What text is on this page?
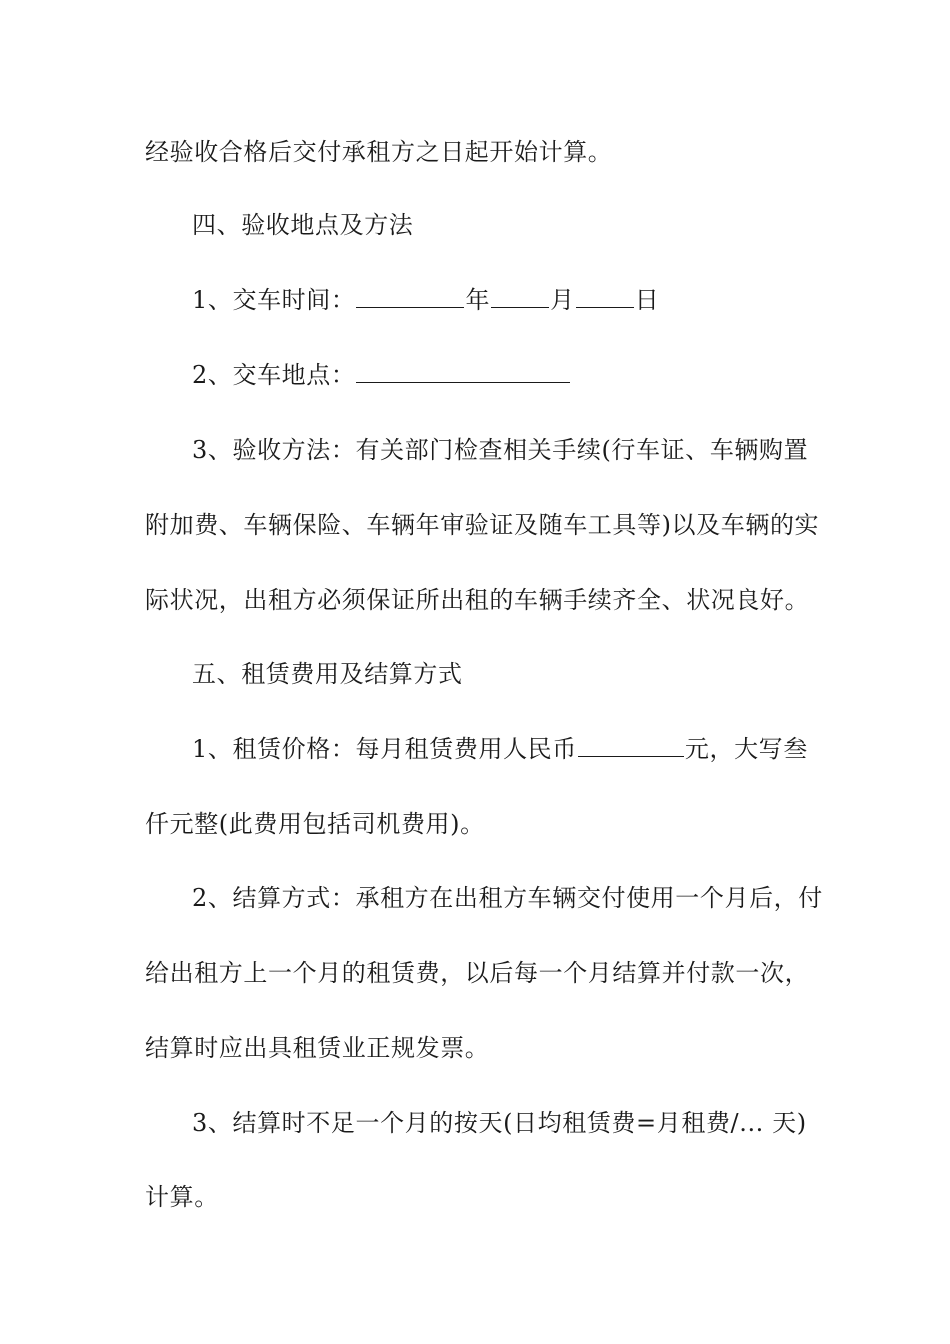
经验收合格后交付承租方之日起开始计算。
四、验收地点及方法
1、交车时间：	年	月	日
2、交车地点：
3、验收方法：有关部门检查相关手续(行车证、车辆购置
附加费、车辆保险、车辆年审验证及随车工具等)以及车辆的实
际状况，出租方必须保证所出租的车辆手续齐全、状况良好。
五、租赁费用及结算方式
1、租赁价格：每月租赁费用人民币	元，大写叁
仟元整(此费用包括司机费用)。
2、结算方式：承租方在出租方车辆交付使用一个月后，付
给出租方上一个月的租赁费，以后每一个月结算并付款一次，
结算时应出具租赁业正规发票。
3、结算时不足一个月的按天(日均租赁费=月租费/... 天)
计算。
